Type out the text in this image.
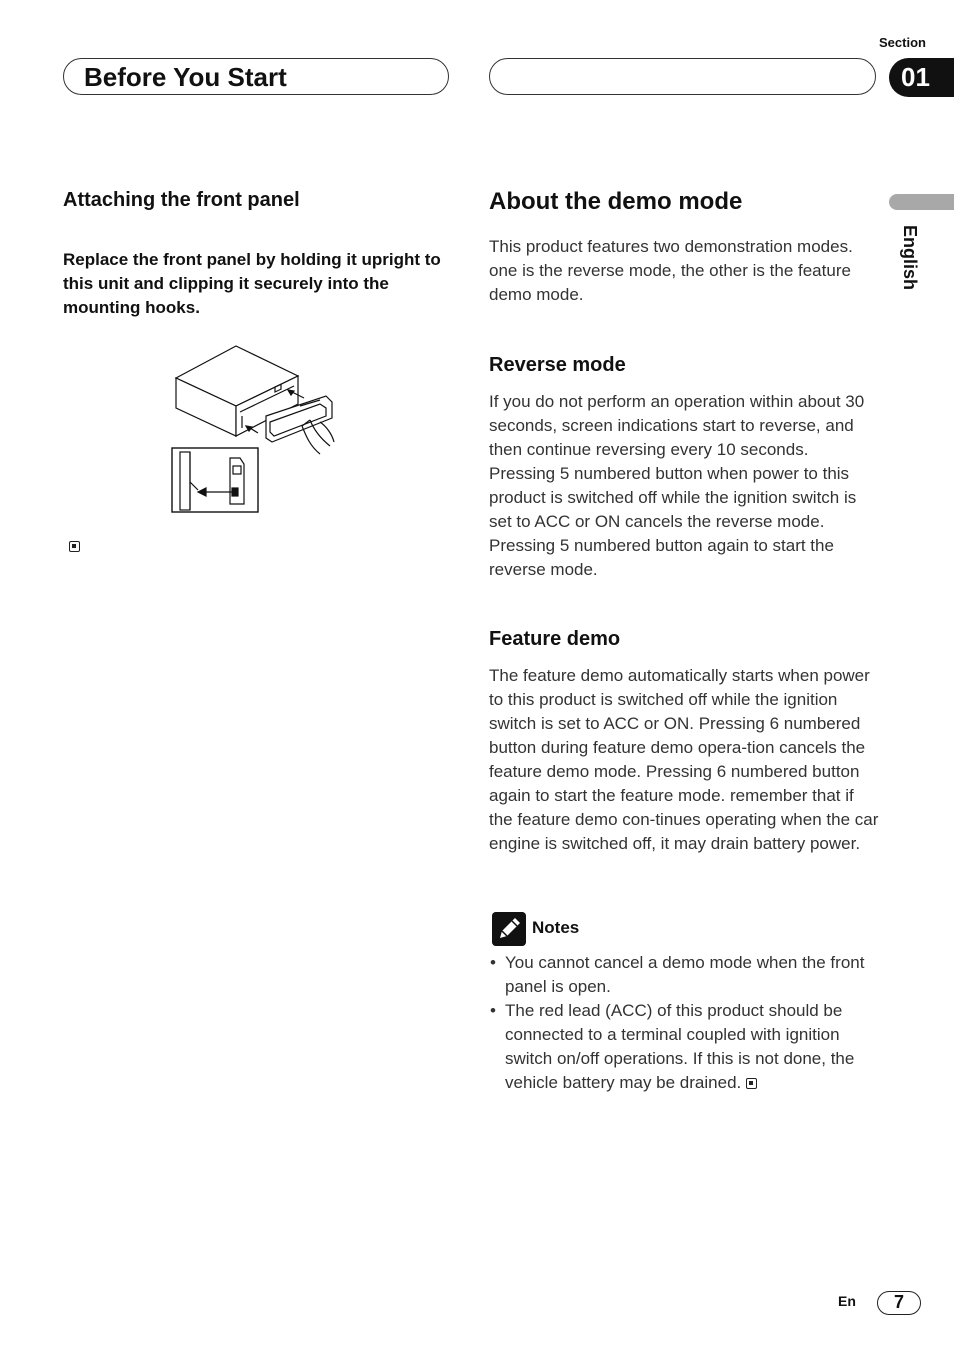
Section
Before You Start	01
English
Attaching the front panel
Replace the front panel by holding it upright to this unit and clipping it securely into the mounting hooks.
About the demo mode
This product features two demonstration modes. one is the reverse mode, the other is the feature demo mode.
Reverse mode
If you do not perform an operation within about 30 seconds, screen indications start to reverse, and then continue reversing every 10 seconds. Pressing 5 numbered button when power to this product is switched off while the ignition switch is set to ACC or ON cancels the reverse mode. Pressing 5 numbered button again to start the reverse mode.
Feature demo
The feature demo automatically starts when power to this product is switched off while the ignition switch is set to ACC or ON. Pressing 6 numbered button during feature demo opera-tion cancels the feature demo mode. Pressing 6 numbered button again to start the feature mode. remember that if the feature demo con-tinues operating when the car engine is switched off, it may drain battery power.
Notes
• You cannot cancel a demo mode when the front panel is open.
• The red lead (ACC) of this product should be connected to a terminal coupled with ignition switch on/off operations. If this is not done, the vehicle battery may be drained.
En	7
